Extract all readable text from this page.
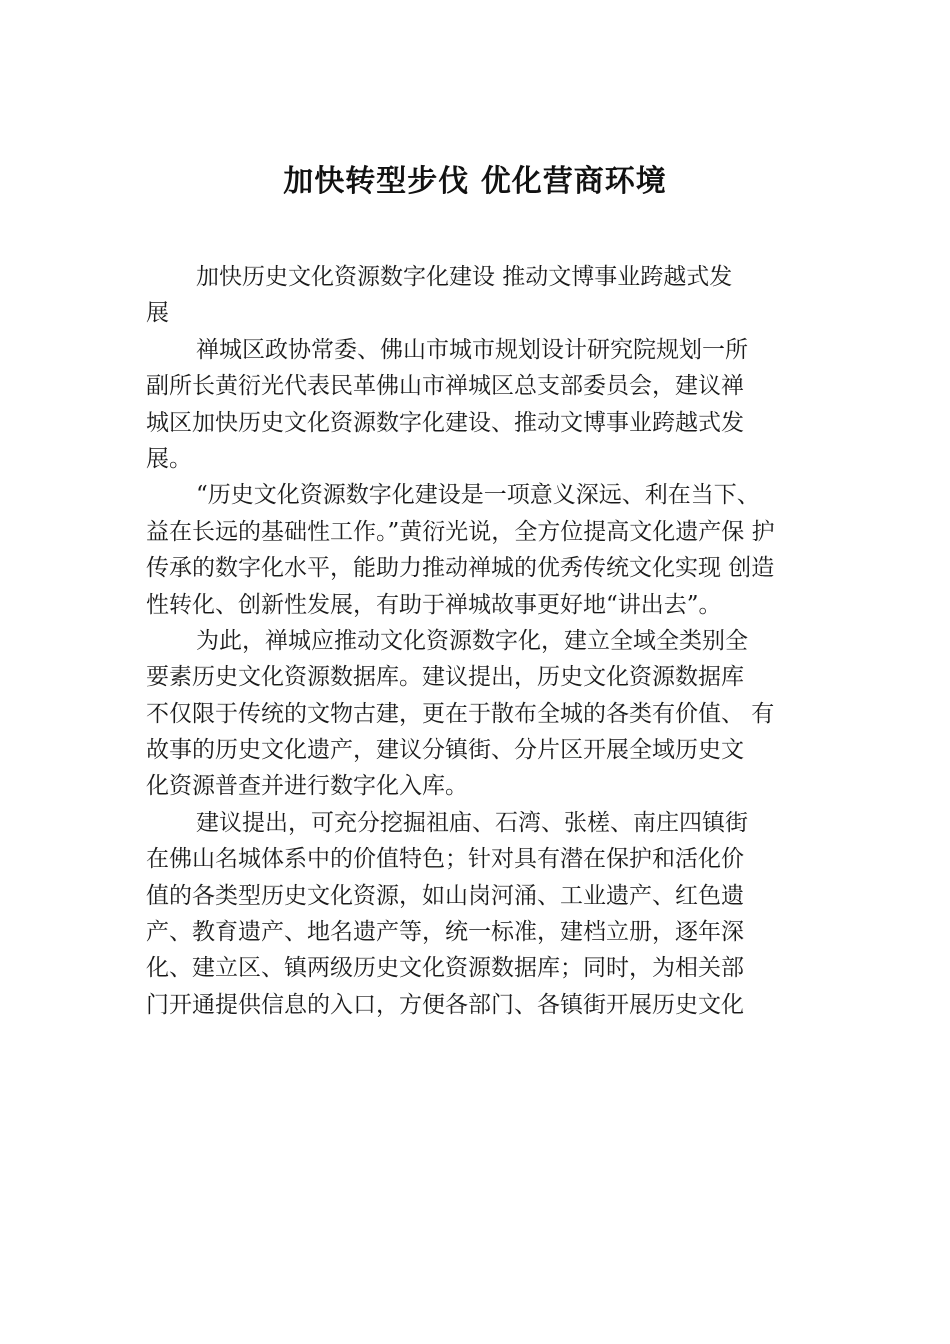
加快转型步伐 优化营商环境
加快历史文化资源数字化建设 推动文博事业跨越式发
展
禅城区政协常委、佛山市城市规划设计研究院规划一所
副所长黄衍光代表民革佛山市禅城区总支部委员会，建议禅
城区加快历史文化资源数字化建设、推动文博事业跨越式发
展。
“历史文化资源数字化建设是一项意义深远、利在当下、
益在长远的基础性工作。”黄衍光说，全方位提高文化遗产保 护
传承的数字化水平，能助力推动禅城的优秀传统文化实现 创造
性转化、创新性发展，有助于禅城故事更好地“讲出去”。
为此，禅城应推动文化资源数字化，建立全域全类别全
要素历史文化资源数据库。建议提出，历史文化资源数据库
不仅限于传统的文物古建，更在于散布全城的各类有价值、 有
故事的历史文化遗产，建议分镇街、分片区开展全域历史文
化资源普查并进行数字化入库。
建议提出，可充分挖掘祖庙、石湾、张槎、南庄四镇街
在佛山名城体系中的价值特色；针对具有潜在保护和活化价
值的各类型历史文化资源，如山岗河涌、工业遗产、红色遗
产、教育遗产、地名遗产等，统一标准，建档立册，逐年深
化、建立区、镇两级历史文化资源数据库；同时，为相关部
门开通提供信息的入口，方便各部门、各镇街开展历史文化
